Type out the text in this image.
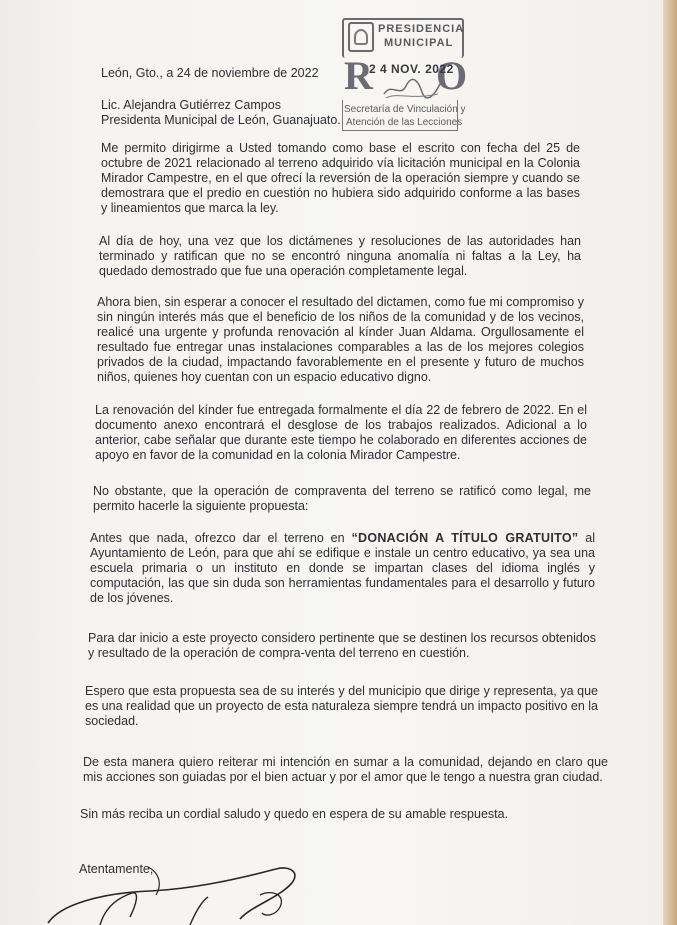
PRESIDENCIA
MUNICIPAL
R O
2 4 NOV. 2022
Secretaría de Vinculación y
Atención de las Lecciones
León, Gto., a 24 de noviembre de 2022
Lic. Alejandra Gutiérrez Campos
Presidenta Municipal de León, Guanajuato.

Me permito dirigirme a Usted tomando como base el escrito con fecha del 25 de octubre de 2021 relacionado al terreno adquirido vía licitación municipal en la Colonia Mirador Campestre, en el que ofrecí la reversión de la operación siempre y cuando se demostrara que el predio en cuestión no hubiera sido adquirido conforme a las bases y lineamientos que marca la ley.

Al día de hoy, una vez que los dictámenes y resoluciones de las autoridades han terminado y ratifican que no se encontró ninguna anomalía ni faltas a la Ley, ha quedado demostrado que fue una operación completamente legal.

Ahora bien, sin esperar a conocer el resultado del dictamen, como fue mi compromiso y sin ningún interés más que el beneficio de los niños de la comunidad y de los vecinos, realicé una urgente y profunda renovación al kínder Juan Aldama. Orgullosamente el resultado fue entregar unas instalaciones comparables a las de los mejores colegios privados de la ciudad, impactando favorablemente en el presente y futuro de muchos niños, quienes hoy cuentan con un espacio educativo digno.

La renovación del kínder fue entregada formalmente el día 22 de febrero de 2022. En el documento anexo encontrará el desglose de los trabajos realizados. Adicional a lo anterior, cabe señalar que durante este tiempo he colaborado en diferentes acciones de apoyo en favor de la comunidad en la colonia Mirador Campestre.

No obstante, que la operación de compraventa del terreno se ratificó como legal, me permito hacerle la siguiente propuesta:

Antes que nada, ofrezco dar el terreno en “DONACIÓN A TÍTULO GRATUITO” al Ayuntamiento de León, para que ahí se edifique e instale un centro educativo, ya sea una escuela primaria o un instituto en donde se impartan clases del idioma inglés y computación, las que sin duda son herramientas fundamentales para el desarrollo y futuro de los jóvenes.

Para dar inicio a este proyecto considero pertinente que se destinen los recursos obtenidos y resultado de la operación de compra-venta del terreno en cuestión.

Espero que esta propuesta sea de su interés y del municipio que dirige y representa, ya que es una realidad que un proyecto de esta naturaleza siempre tendrá un impacto positivo en la sociedad.

De esta manera quiero reiterar mi intención en sumar a la comunidad, dejando en claro que mis acciones son guiadas por el bien actuar y por el amor que le tengo a nuestra gran ciudad.

Sin más reciba un cordial saludo y quedo en espera de su amable respuesta.

Atentamente,
